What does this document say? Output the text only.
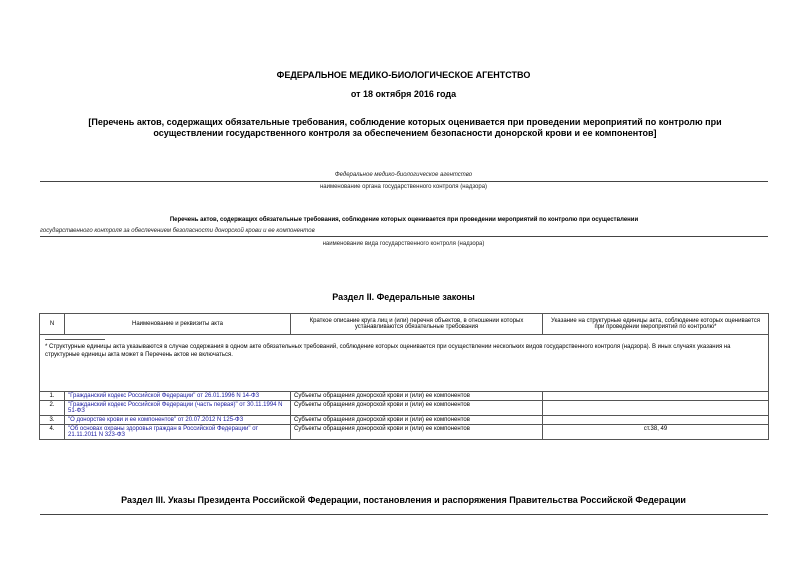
ФЕДЕРАЛЬНОЕ МЕДИКО-БИОЛОГИЧЕСКОЕ АГЕНТСТВО
от 18 октября 2016 года
[Перечень актов, содержащих обязательные требования, соблюдение которых оценивается при проведении мероприятий по контролю при осуществлении государственного контроля за обеспечением безопасности донорской крови и ее компонентов]
Федеральное медико-биологическое агентство
наименование органа государственного контроля (надзора)
Перечень актов, содержащих обязательные требования, соблюдение которых оценивается при проведении мероприятий по контролю при осуществлении
государственного контроля за обеспечением безопасности донорской крови и ее компонентов
наименование вида государственного контроля (надзора)
Раздел II. Федеральные законы
N	Наименование и реквизиты акта	Краткое описание круга лиц и (или) перечня объектов, в отношении которых устанавливаются обязательные требования	Указание на структурные единицы акта, соблюдение которых оценивается при проведении мероприятий по контролю*

* Структурные единицы акта указываются в случае содержания в одном акте обязательных требований, соблюдение которых оценивается при осуществлении нескольких видов государственного контроля (надзора). В иных случаях указания на структурные единицы акта может в Перечень актов не включаться.			
1.	"Гражданский кодекс Российской Федерации" от 26.01.1996 N 14-ФЗ	Субъекты обращения донорской крови и (или) ее компонентов	
2.	"Гражданский кодекс Российской Федерации (часть первая)" от 30.11.1994 N 51-ФЗ	Субъекты обращения донорской крови и (или) ее компонентов	
3.	"О донорстве крови и ее компонентов" от 20.07.2012 N 125-ФЗ	Субъекты обращения донорской крови и (или) ее компонентов	
4.	"Об основах охраны здоровья граждан в Российской Федерации" от 21.11.2011 N 323-ФЗ	Субъекты обращения донорской крови и (или) ее компонентов	ст.38, 49
Раздел III. Указы Президента Российской Федерации, постановления и распоряжения Правительства Российской Федерации
